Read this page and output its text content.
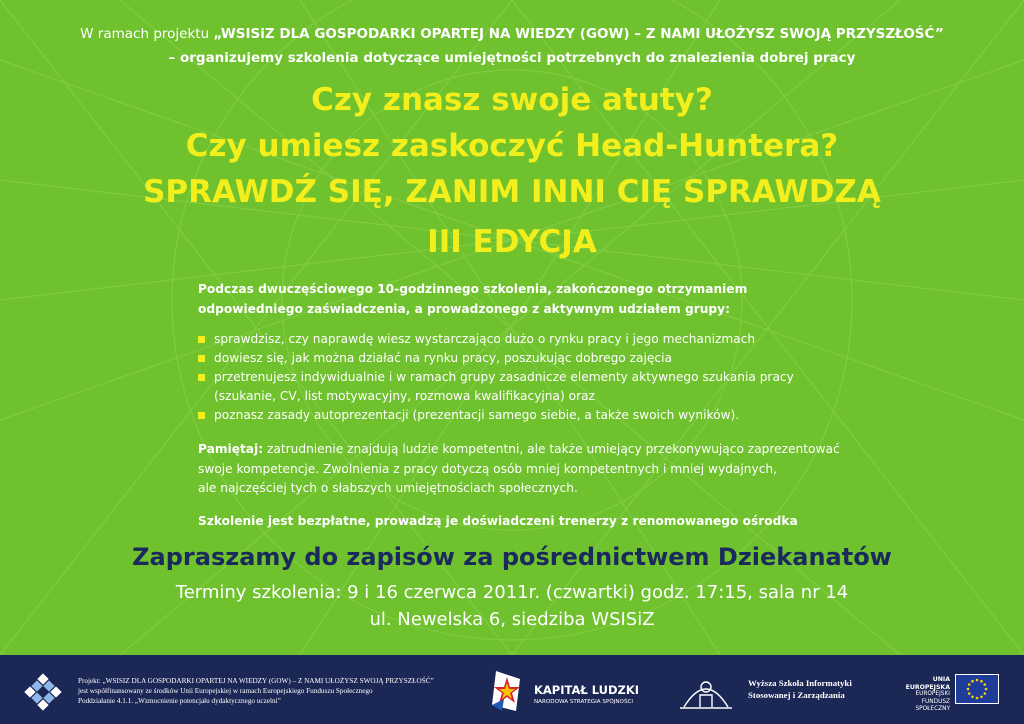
W ramach projektu „WSISiZ DLA GOSPODARKI OPARTEJ NA WIEDZY (GOW) – Z NAMI UŁOŻYSZ SWOJĄ PRZYSZŁOŚĆ”
– organizujemy szkolenia dotyczące umiejętności potrzebnych do znalezienia dobrej pracy
Czy znasz swoje atuty?
Czy umiesz zaskoczyć Head-Huntera?
SPRAWDŹ SIĘ, ZANIM INNI CIĘ SPRAWDZĄ
III EDYCJA
Podczas dwuczęściowego 10-godzinnego szkolenia, zakończonego otrzymaniem
odpowiedniego zaświadczenia, a prowadzonego z aktywnym udziałem grupy:
sprawdzisz, czy naprawdę wiesz wystarczająco dużo o rynku pracy i jego mechanizmach
dowiesz się, jak można działać na rynku pracy, poszukując dobrego zajęcia
przetrenujesz indywidualnie i w ramach grupy zasadnicze elementy aktywnego szukania pracy
(szukanie, CV, list motywacyjny, rozmowa kwalifikacyjna) oraz
poznasz zasady autoprezentacji (prezentacji samego siebie, a także swoich wyników).
Pamiętaj: zatrudnienie znajdują ludzie kompetentni, ale także umiejący przekonywująco zaprezentować
swoje kompetencje. Zwolnienia z pracy dotyczą osób mniej kompetentnych i mniej wydajnych,
ale najczęściej tych o słabszych umiejętnościach społecznych.
Szkolenie jest bezpłatne, prowadzą je doświadczeni trenerzy z renomowanego ośrodka
Zapraszamy do zapisów za pośrednictwem Dziekanatów
Terminy szkolenia: 9 i 16 czerwca 2011r. (czwartki) godz. 17:15, sala nr 14
ul. Newelska 6, siedziba WSISiZ
Projekt: „WSISIZ DLA GOSPODARKI OPARTEJ NA WIEDZY (GOW) – Z NAMI UŁOŻYSZ SWOJĄ PRZYSZŁOŚĆ”
jest współfinansowany ze środków Unii Europejskiej w ramach Europejskiego Funduszu Społecznego
Poddziałanie 4.1.1. „Wzmocnienie potencjału dydaktycznego uczelni”
KAPITAŁ LUDZKI
NARODOWA STRATEGIA SPÓJNOŚCI
Wyższa Szkoła Informatyki
Stosowanej i Zarządzania
UNIA EUROPEJSKA
EUROPEJSKI
FUNDUSZ SPOŁECZNY
